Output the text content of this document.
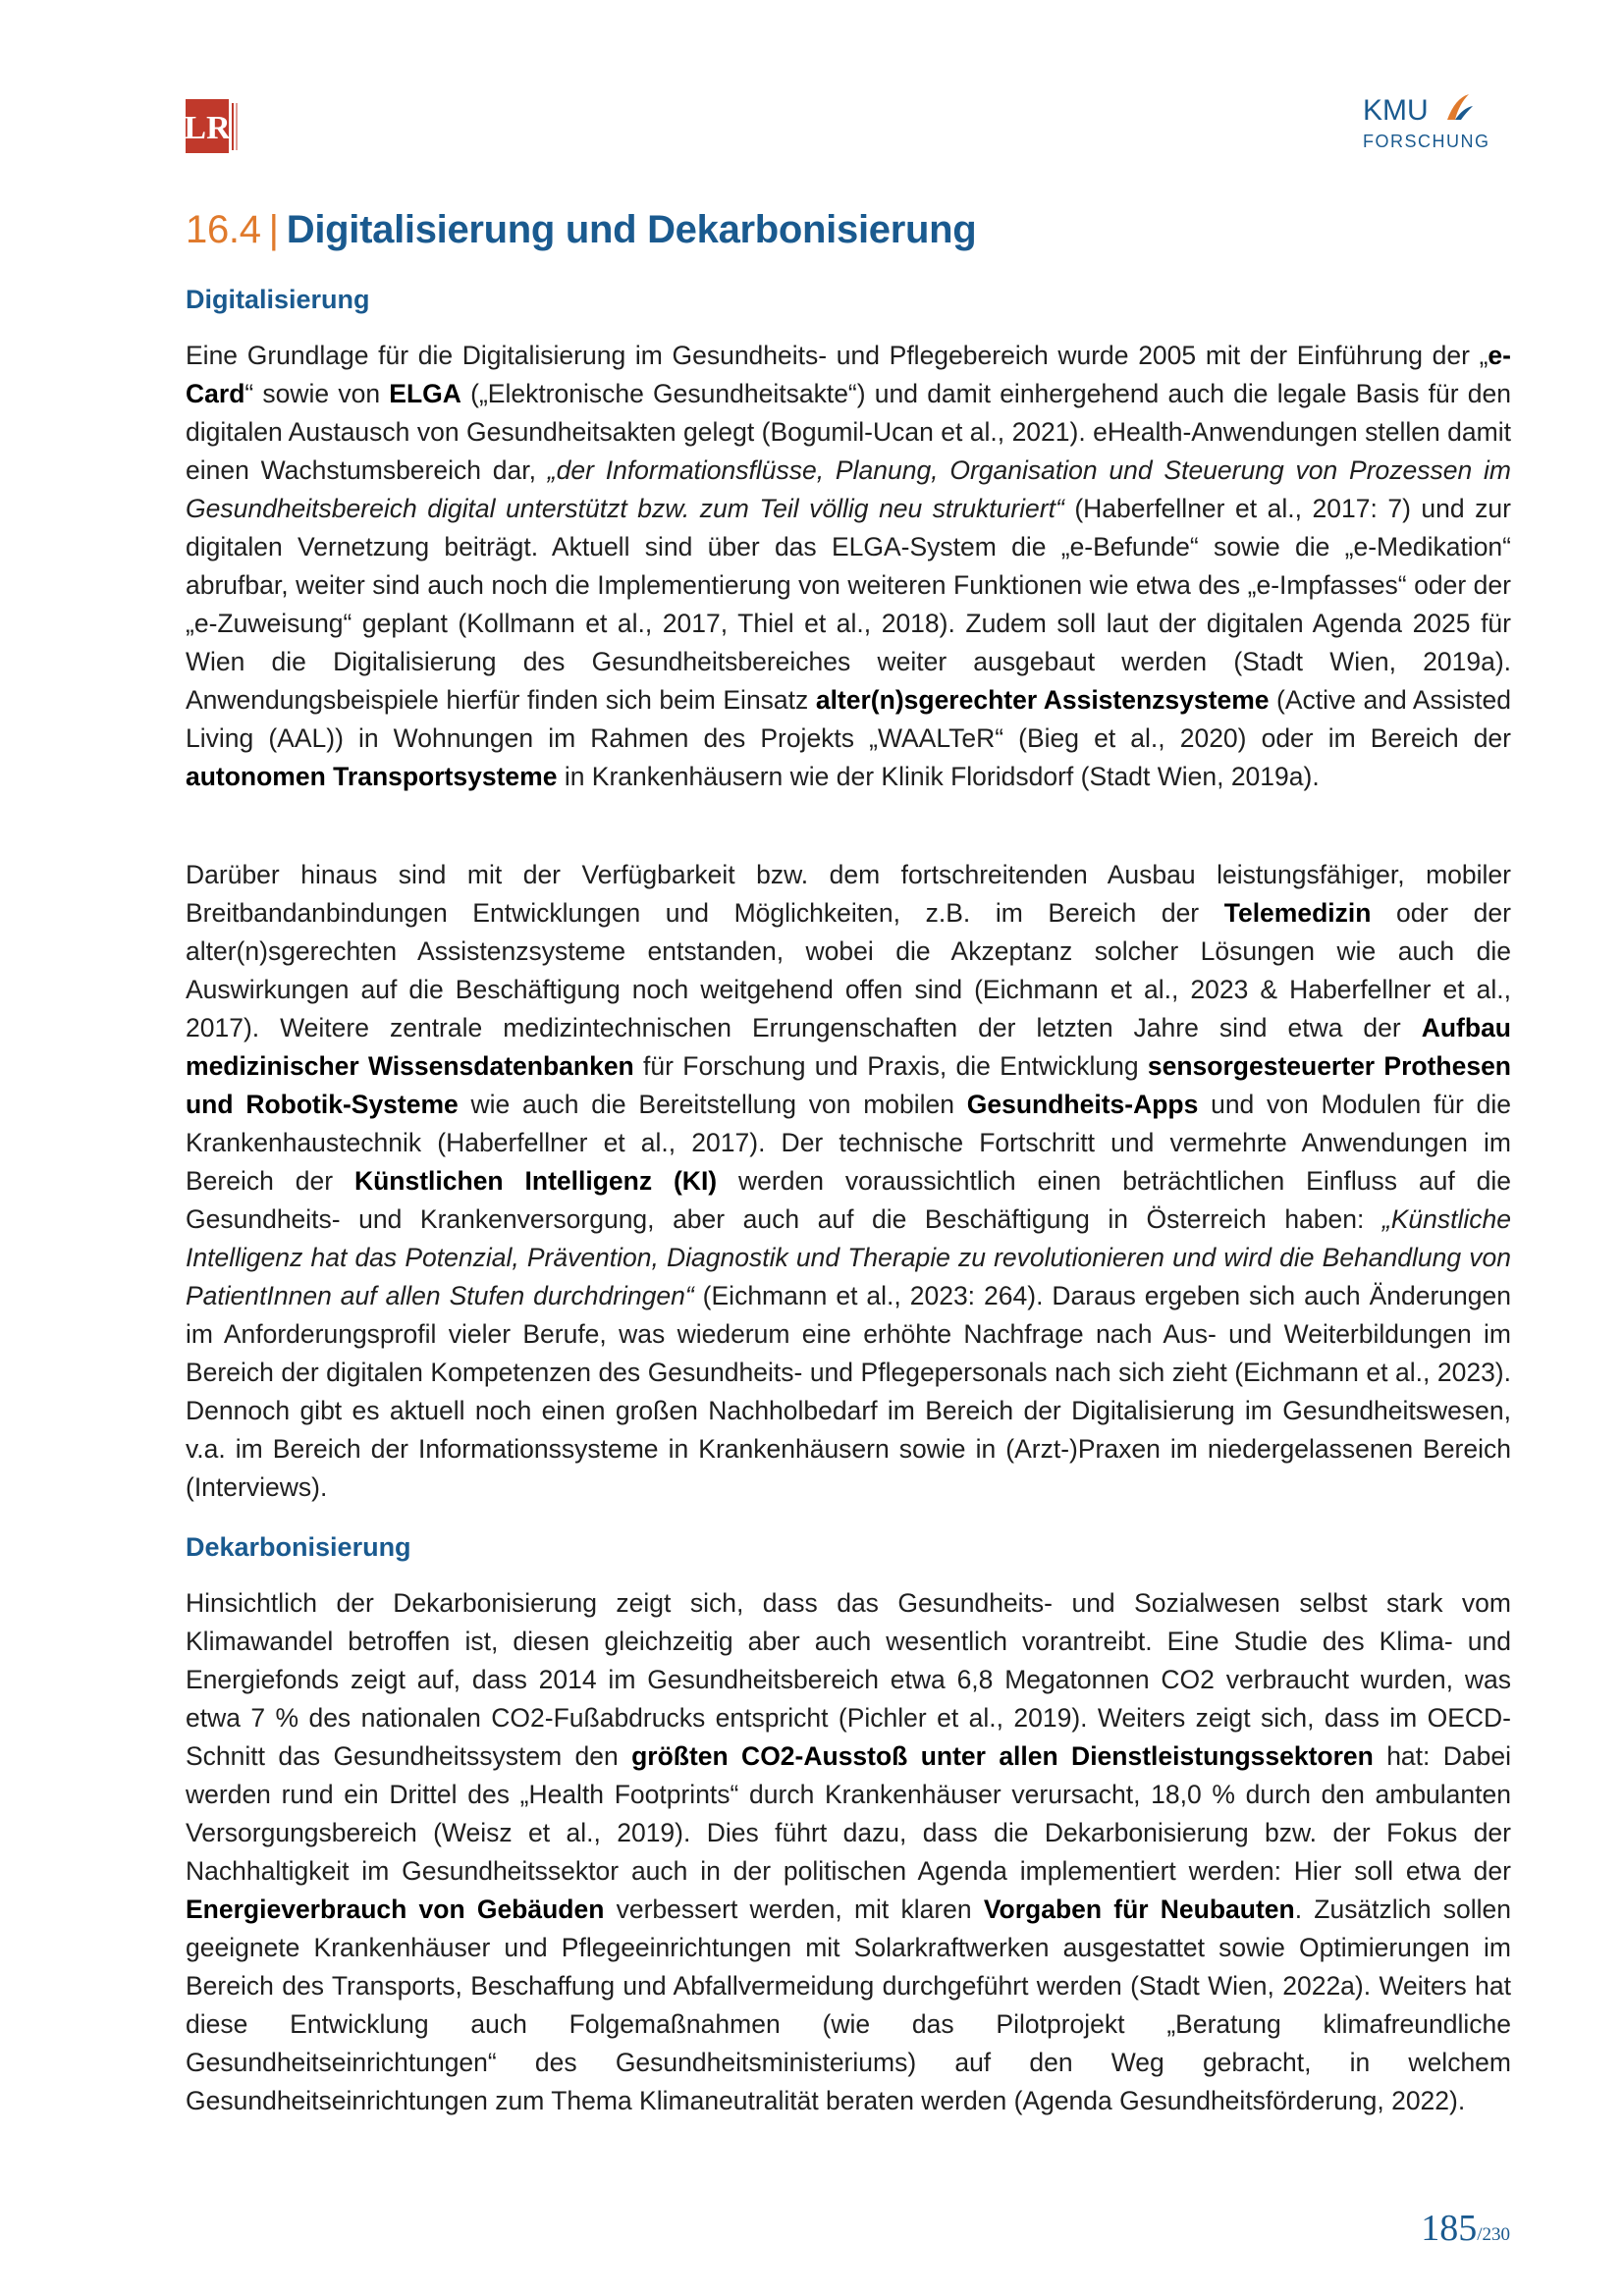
LR	KMU
FORSCHUNG
16.4 | Digitalisierung und Dekarbonisierung
Digitalisierung

Eine Grundlage für die Digitalisierung im Gesundheits- und Pflegebereich wurde 2005 mit der Einführung der „e-Card“ sowie von ELGA („Elektronische Gesundheitsakte“) und damit einhergehend auch die legale Basis für den digitalen Austausch von Gesundheitsakten gelegt (Bogumil-Ucan et al., 2021). eHealth-Anwendungen stellen damit einen Wachstumsbereich dar, „der Informationsflüsse, Planung, Organisation und Steuerung von Prozessen im Gesundheitsbereich digital unterstützt bzw. zum Teil völlig neu strukturiert“ (Haberfellner et al., 2017: 7) und zur digitalen Vernetzung beiträgt. Aktuell sind über das ELGA-System die „e-Befunde“ sowie die „e-Medikation“ abrufbar, weiter sind auch noch die Implementierung von weiteren Funktionen wie etwa des „e-Impfasses“ oder der „e-Zuweisung“ geplant (Kollmann et al., 2017, Thiel et al., 2018). Zudem soll laut der digitalen Agenda 2025 für Wien die Digitalisierung des Gesundheitsbereiches weiter ausgebaut werden (Stadt Wien, 2019a). Anwendungsbeispiele hierfür finden sich beim Einsatz alter(n)sgerechter Assistenzsysteme (Active and Assisted Living (AAL)) in Wohnungen im Rahmen des Projekts „WAALTeR“ (Bieg et al., 2020) oder im Bereich der autonomen Transportsysteme in Krankenhäusern wie der Klinik Floridsdorf (Stadt Wien, 2019a).

Darüber hinaus sind mit der Verfügbarkeit bzw. dem fortschreitenden Ausbau leistungsfähiger, mobiler Breitbandanbindungen Entwicklungen und Möglichkeiten, z.B. im Bereich der Telemedizin oder der alter(n)sgerechten Assistenzsysteme entstanden, wobei die Akzeptanz solcher Lösungen wie auch die Auswirkungen auf die Beschäftigung noch weitgehend offen sind (Eichmann et al., 2023 & Haberfellner et al., 2017). Weitere zentrale medizintechnischen Errungenschaften der letzten Jahre sind etwa der Aufbau medizinischer Wissensdatenbanken für Forschung und Praxis, die Entwicklung sensorgesteuerter Prothesen und Robotik-Systeme wie auch die Bereitstellung von mobilen Gesundheits-Apps und von Modulen für die Krankenhaustechnik (Haberfellner et al., 2017). Der technische Fortschritt und vermehrte Anwendungen im Bereich der Künstlichen Intelligenz (KI) werden voraussichtlich einen beträchtlichen Einfluss auf die Gesundheits- und Krankenversorgung, aber auch auf die Beschäftigung in Österreich haben: „Künstliche Intelligenz hat das Potenzial, Prävention, Diagnostik und Therapie zu revolutionieren und wird die Behandlung von PatientInnen auf allen Stufen durchdringen“ (Eichmann et al., 2023: 264). Daraus ergeben sich auch Änderungen im Anforderungsprofil vieler Berufe, was wiederum eine erhöhte Nachfrage nach Aus- und Weiterbildungen im Bereich der digitalen Kompetenzen des Gesundheits- und Pflegepersonals nach sich zieht (Eichmann et al., 2023). Dennoch gibt es aktuell noch einen großen Nachholbedarf im Bereich der Digitalisierung im Gesundheitswesen, v.a. im Bereich der Informationssysteme in Krankenhäusern sowie in (Arzt-)Praxen im niedergelassenen Bereich (Interviews).

Dekarbonisierung

Hinsichtlich der Dekarbonisierung zeigt sich, dass das Gesundheits- und Sozialwesen selbst stark vom Klimawandel betroffen ist, diesen gleichzeitig aber auch wesentlich vorantreibt. Eine Studie des Klima- und Energiefonds zeigt auf, dass 2014 im Gesundheitsbereich etwa 6,8 Megatonnen CO2 verbraucht wurden, was etwa 7 % des nationalen CO2-Fußabdrucks entspricht (Pichler et al., 2019). Weiters zeigt sich, dass im OECD-Schnitt das Gesundheitssystem den größten CO2-Ausstoß unter allen Dienstleistungssektoren hat: Dabei werden rund ein Drittel des „Health Footprints“ durch Krankenhäuser verursacht, 18,0 % durch den ambulanten Versorgungsbereich (Weisz et al., 2019). Dies führt dazu, dass die Dekarbonisierung bzw. der Fokus der Nachhaltigkeit im Gesundheitssektor auch in der politischen Agenda implementiert werden: Hier soll etwa der Energieverbrauch von Gebäuden verbessert werden, mit klaren Vorgaben für Neubauten. Zusätzlich sollen geeignete Krankenhäuser und Pflegeeinrichtungen mit Solarkraftwerken ausgestattet sowie Optimierungen im Bereich des Transports, Beschaffung und Abfallvermeidung durchgeführt werden (Stadt Wien, 2022a). Weiters hat diese Entwicklung auch Folgemaßnahmen (wie das Pilotprojekt „Beratung klimafreundliche Gesundheitseinrichtungen“ des Gesundheitsministeriums) auf den Weg gebracht, in welchem Gesundheitseinrichtungen zum Thema Klimaneutralität beraten werden (Agenda Gesundheitsförderung, 2022).

185/230
